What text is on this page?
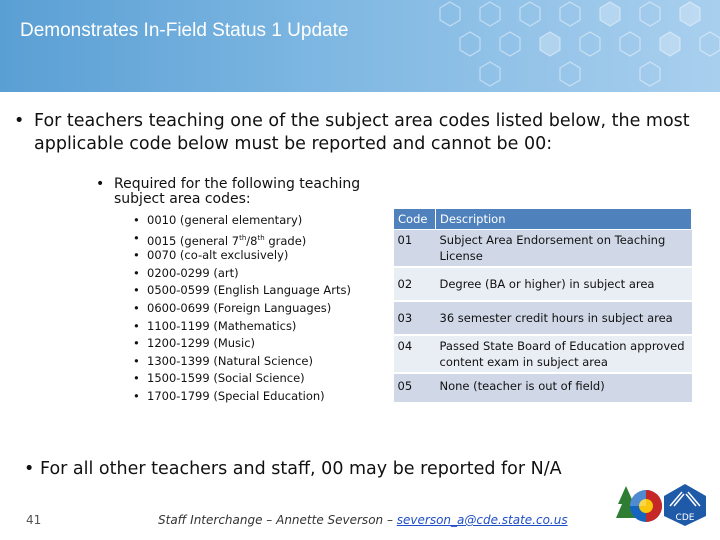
Demonstrates In-Field Status 1 Update
• For teachers teaching one of the subject area codes listed below, the most applicable code below must be reported and cannot be 00:
• Required for the following teaching subject area codes:
• 0010 (general elementary)
• 0015 (general 7th/8th grade)
• 0070 (co-alt exclusively)
• 0200-0299 (art)
• 0500-0599 (English Language Arts)
• 0600-0699 (Foreign Languages)
• 1100-1199 (Mathematics)
• 1200-1299 (Music)
• 1300-1399 (Natural Science)
• 1500-1599 (Social Science)
• 1700-1799 (Special Education)
Code	Description
01	Subject Area Endorsement on Teaching License
02	Degree (BA or higher) in subject area
03	36 semester credit hours in subject area
04	Passed State Board of Education approved content exam in subject area
05	None (teacher is out of field)
• For all other teachers and staff, 00 may be reported for N/A
41	Staff Interchange – Annette Severson – severson_a@cde.state.co.us	CDE
